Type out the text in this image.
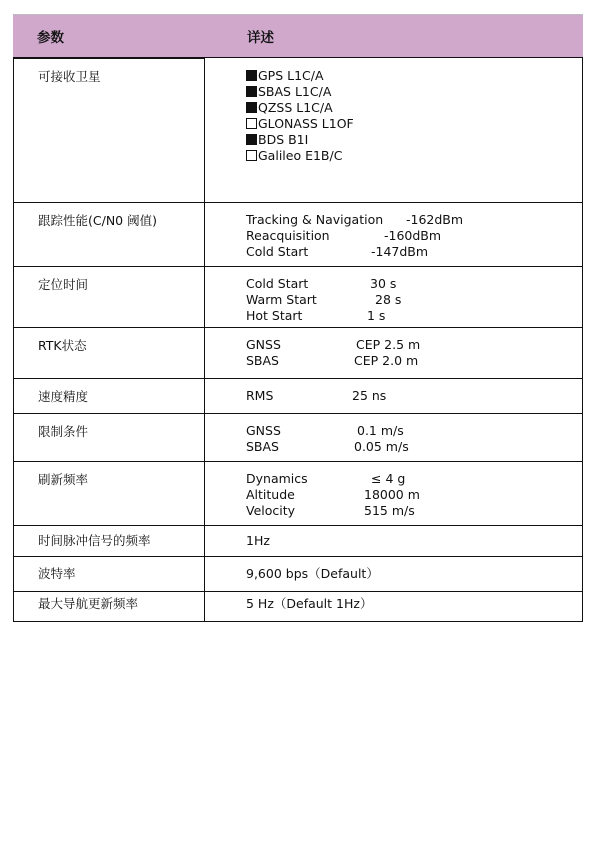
参数	详述
可接收卫星	GPS L1C/A
SBAS L1C/A
QZSS L1C/A
GLONASS L1OF
BDS B1I
Galileo E1B/C
跟踪性能(C/N0 阈值)	Tracking & Navigation -162dBm
Reacquisition	-160dBm
Cold Start	-147dBm
定位时间	Cold Start	30 s
Warm Start	28 s
Hot Start	1 s
RTK状态	GNSS	CEP 2.5 m
SBAS	CEP 2.0 m
速度精度	RMS	25 ns
限制条件	GNSS	0.1 m/s
SBAS	0.05 m/s
刷新频率	Dynamics	≤ 4 g
Altitude	18000 m
Velocity	515 m/s
时间脉冲信号的频率	1Hz
波特率	9,600 bps（Default）
最大导航更新频率	5 Hz（Default 1Hz）
